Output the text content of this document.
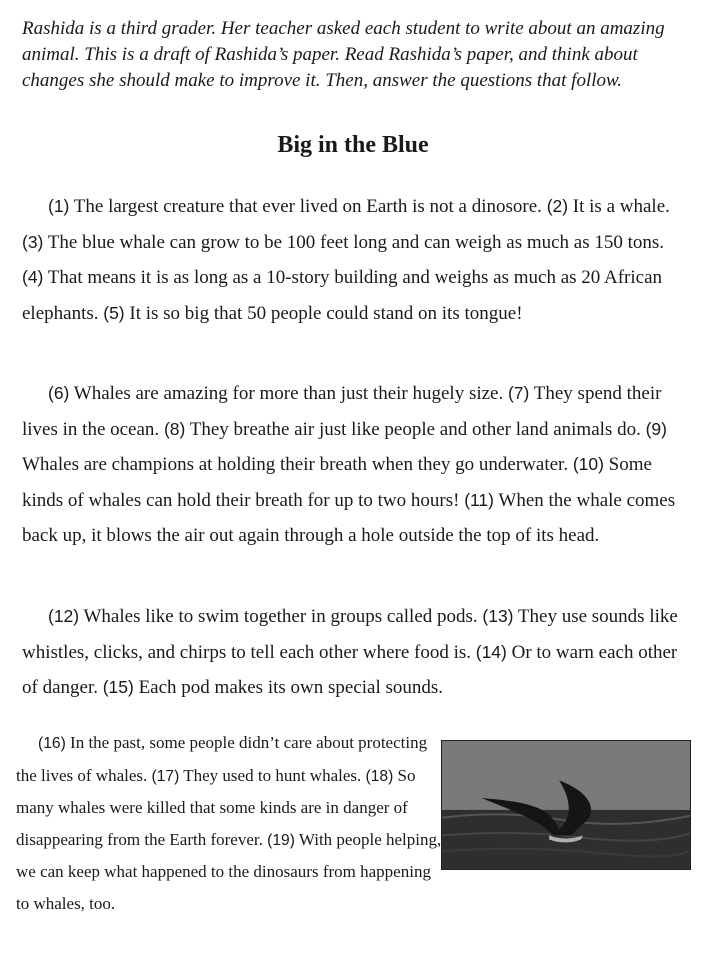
Rashida is a third grader. Her teacher asked each student to write about an amazing animal. This is a draft of Rashida’s paper. Read Rashida’s paper, and think about changes she should make to improve it. Then, answer the questions that follow.
Big in the Blue

(1) The largest creature that ever lived on Earth is not a dinosore. (2) It is a whale. (3) The blue whale can grow to be 100 feet long and can weigh as much as 150 tons. (4) That means it is as long as a 10-story building and weighs as much as 20 African elephants. (5) It is so big that 50 people could stand on its tongue!

(6) Whales are amazing for more than just their hugely size. (7) They spend their lives in the ocean. (8) They breathe air just like people and other land animals do. (9) Whales are champions at holding their breath when they go underwater. (10) Some kinds of whales can hold their breath for up to two hours! (11) When the whale comes back up, it blows the air out again through a hole outside the top of its head.

(12) Whales like to swim together in groups called pods. (13) They use sounds like whistles, clicks, and chirps to tell each other where food is. (14) Or to warn each other of danger. (15) Each pod makes its own special sounds.

(16) In the past, some people didn’t care about protecting the lives of whales. (17) They used to hunt whales. (18) So many whales were killed that some kinds are in danger of disappearing from the Earth forever. (19) With people helping, we can keep what happened to the dinosaurs from happening to whales, too.
